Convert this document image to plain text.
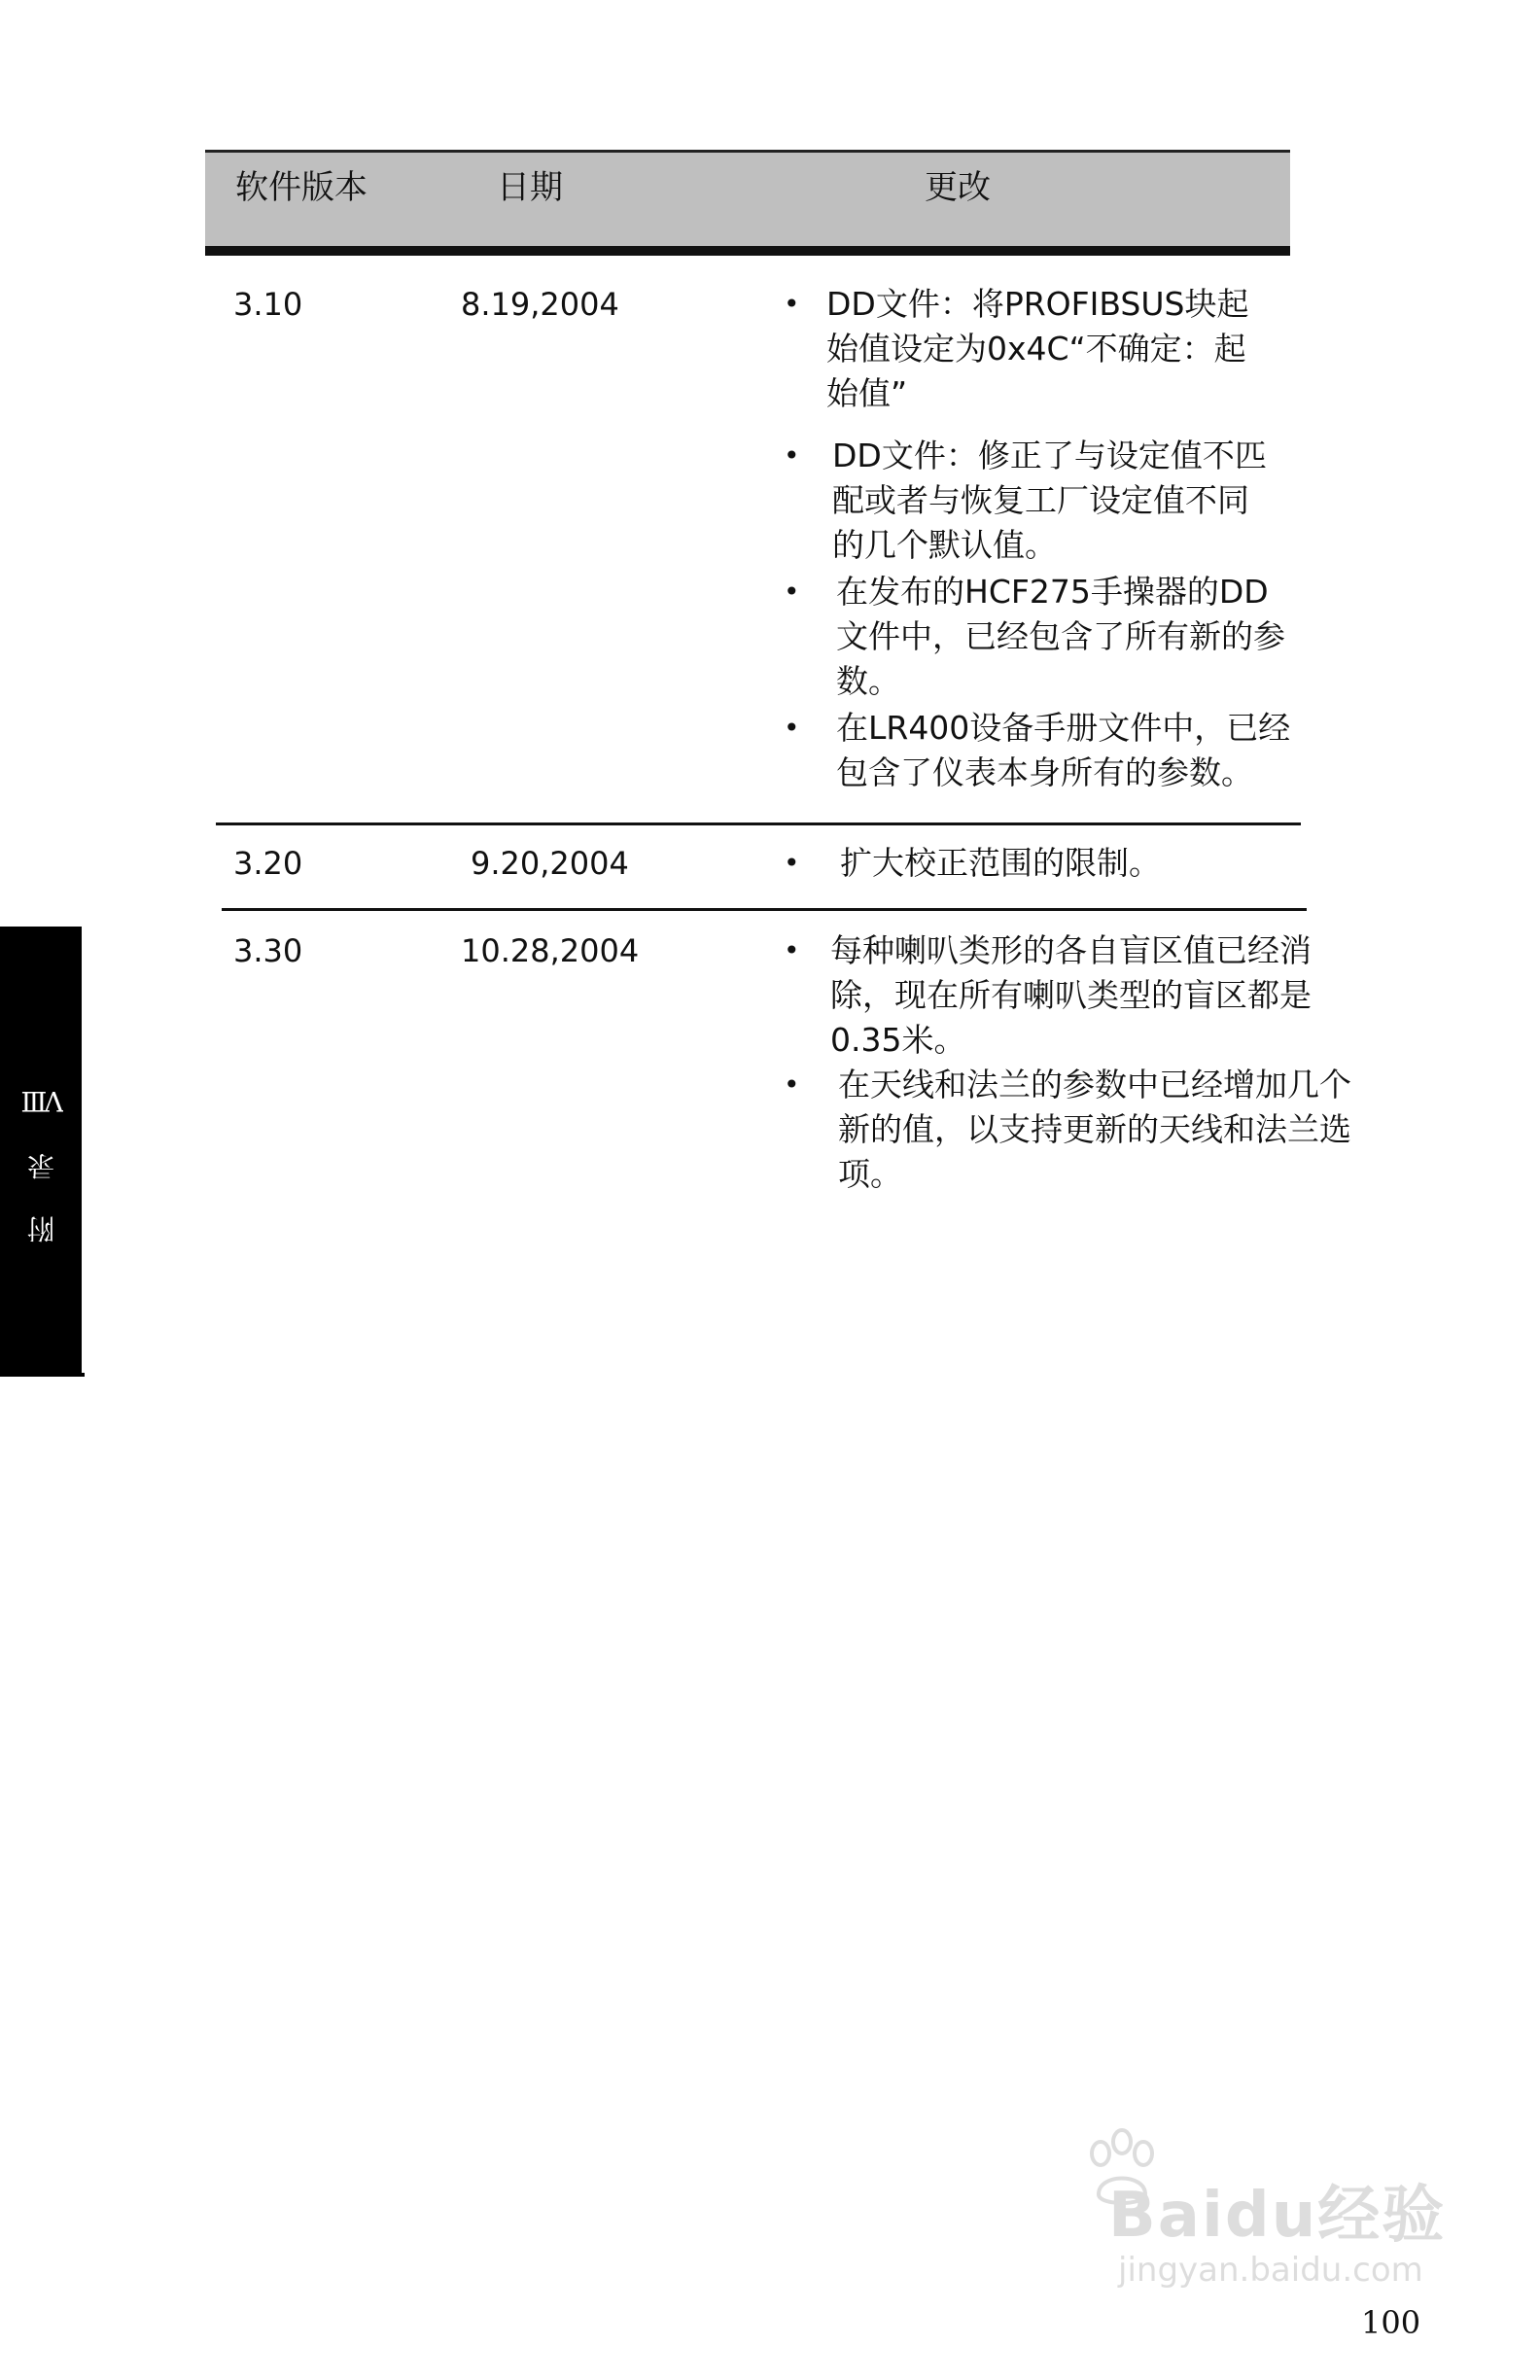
软件版本	日期	更改
3.10	8.19,2004	• DD文件：将PROFIBSUS块起
始值设定为0x4C“不确定：起
始值”
• DD文件：修正了与设定值不匹
配或者与恢复工厂设定值不同
的几个默认值。
• 在发布的HCF275手操器的DD
文件中，已经包含了所有新的参
数。
• 在LR400设备手册文件中，已经
包含了仪表本身所有的参数。
3.20	9.20,2004	• 扩大校正范围的限制。
3.30	10.28,2004	• 每种喇叭类形的各自盲区值已经消
除，现在所有喇叭类型的盲区都是
0.35米。
• 在天线和法兰的参数中已经增加几个
新的值，以支持更新的天线和法兰选
项。
附 录 Ⅷ
Baidu经验
jingyan.baidu.com
100
